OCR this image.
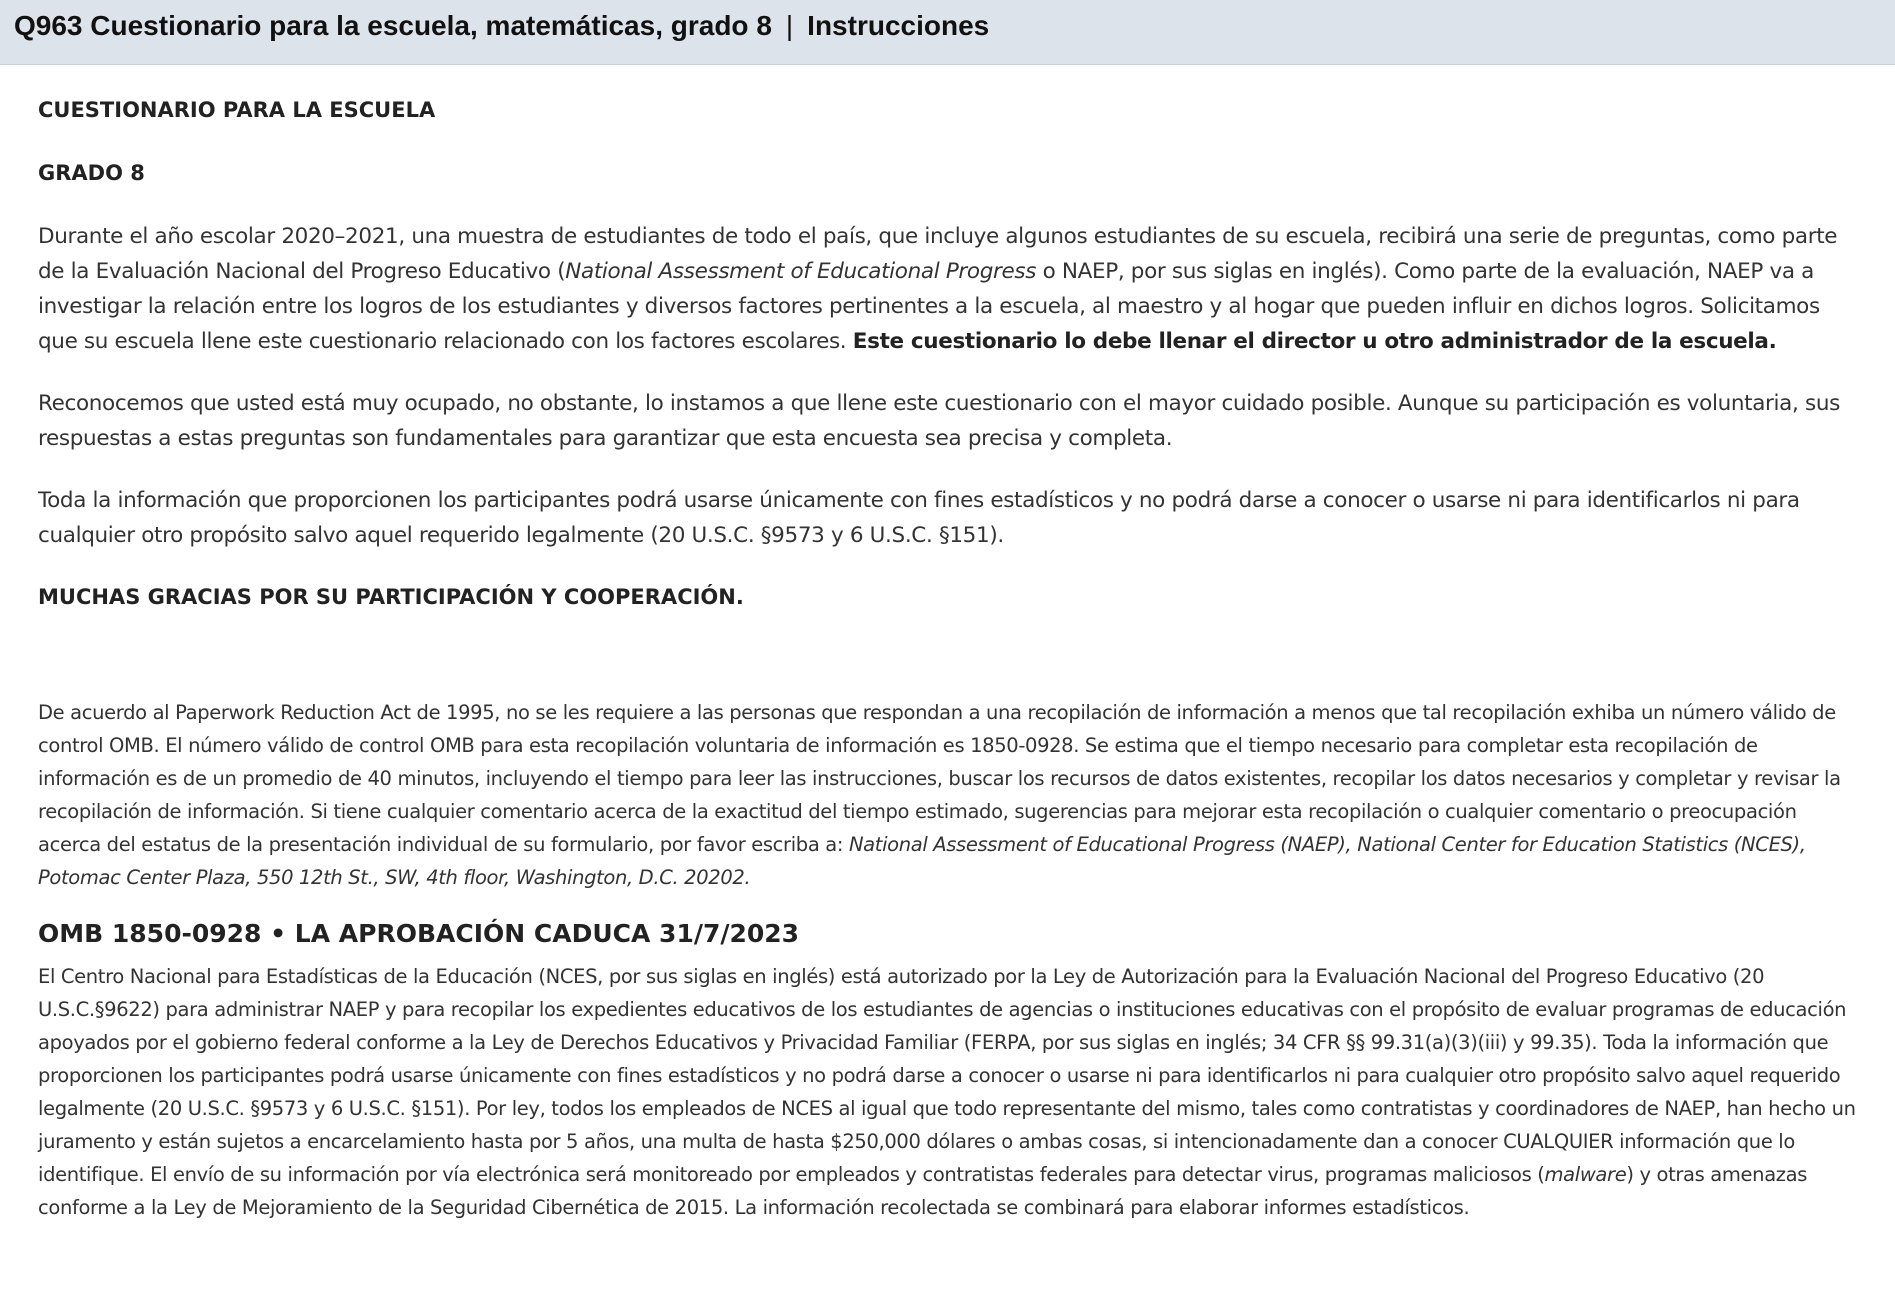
Q963 Cuestionario para la escuela, matemáticas, grado 8 | Instrucciones
CUESTIONARIO PARA LA ESCUELA
GRADO 8

Durante el año escolar 2020–2021, una muestra de estudiantes de todo el país, que incluye algunos estudiantes de su escuela, recibirá una serie de preguntas, como parte de la Evaluación Nacional del Progreso Educativo (National Assessment of Educational Progress o NAEP, por sus siglas en inglés). Como parte de la evaluación, NAEP va a investigar la relación entre los logros de los estudiantes y diversos factores pertinentes a la escuela, al maestro y al hogar que pueden influir en dichos logros. Solicitamos que su escuela llene este cuestionario relacionado con los factores escolares. Este cuestionario lo debe llenar el director u otro administrador de la escuela.

Reconocemos que usted está muy ocupado, no obstante, lo instamos a que llene este cuestionario con el mayor cuidado posible. Aunque su participación es voluntaria, sus respuestas a estas preguntas son fundamentales para garantizar que esta encuesta sea precisa y completa.

Toda la información que proporcionen los participantes podrá usarse únicamente con fines estadísticos y no podrá darse a conocer o usarse ni para identificarlos ni para cualquier otro propósito salvo aquel requerido legalmente (20 U.S.C. §9573 y 6 U.S.C. §151).

MUCHAS GRACIAS POR SU PARTICIPACIÓN Y COOPERACIÓN.

De acuerdo al Paperwork Reduction Act de 1995, no se les requiere a las personas que respondan a una recopilación de información a menos que tal recopilación exhiba un número válido de control OMB. El número válido de control OMB para esta recopilación voluntaria de información es 1850-0928. Se estima que el tiempo necesario para completar esta recopilación de información es de un promedio de 40 minutos, incluyendo el tiempo para leer las instrucciones, buscar los recursos de datos existentes, recopilar los datos necesarios y completar y revisar la recopilación de información. Si tiene cualquier comentario acerca de la exactitud del tiempo estimado, sugerencias para mejorar esta recopilación o cualquier comentario o preocupación acerca del estatus de la presentación individual de su formulario, por favor escriba a: National Assessment of Educational Progress (NAEP), National Center for Education Statistics (NCES), Potomac Center Plaza, 550 12th St., SW, 4th floor, Washington, D.C. 20202.

OMB 1850-0928 • LA APROBACIÓN CADUCA 31/7/2023

El Centro Nacional para Estadísticas de la Educación (NCES, por sus siglas en inglés) está autorizado por la Ley de Autorización para la Evaluación Nacional del Progreso Educativo (20 U.S.C.§9622) para administrar NAEP y para recopilar los expedientes educativos de los estudiantes de agencias o instituciones educativas con el propósito de evaluar programas de educación apoyados por el gobierno federal conforme a la Ley de Derechos Educativos y Privacidad Familiar (FERPA, por sus siglas en inglés; 34 CFR §§ 99.31(a)(3)(iii) y 99.35). Toda la información que proporcionen los participantes podrá usarse únicamente con fines estadísticos y no podrá darse a conocer o usarse ni para identificarlos ni para cualquier otro propósito salvo aquel requerido legalmente (20 U.S.C. §9573 y 6 U.S.C. §151). Por ley, todos los empleados de NCES al igual que todo representante del mismo, tales como contratistas y coordinadores de NAEP, han hecho un juramento y están sujetos a encarcelamiento hasta por 5 años, una multa de hasta $250,000 dólares o ambas cosas, si intencionadamente dan a conocer CUALQUIER información que lo identifique. El envío de su información por vía electrónica será monitoreado por empleados y contratistas federales para detectar virus, programas maliciosos (malware) y otras amenazas conforme a la Ley de Mejoramiento de la Seguridad Cibernética de 2015. La información recolectada se combinará para elaborar informes estadísticos.
